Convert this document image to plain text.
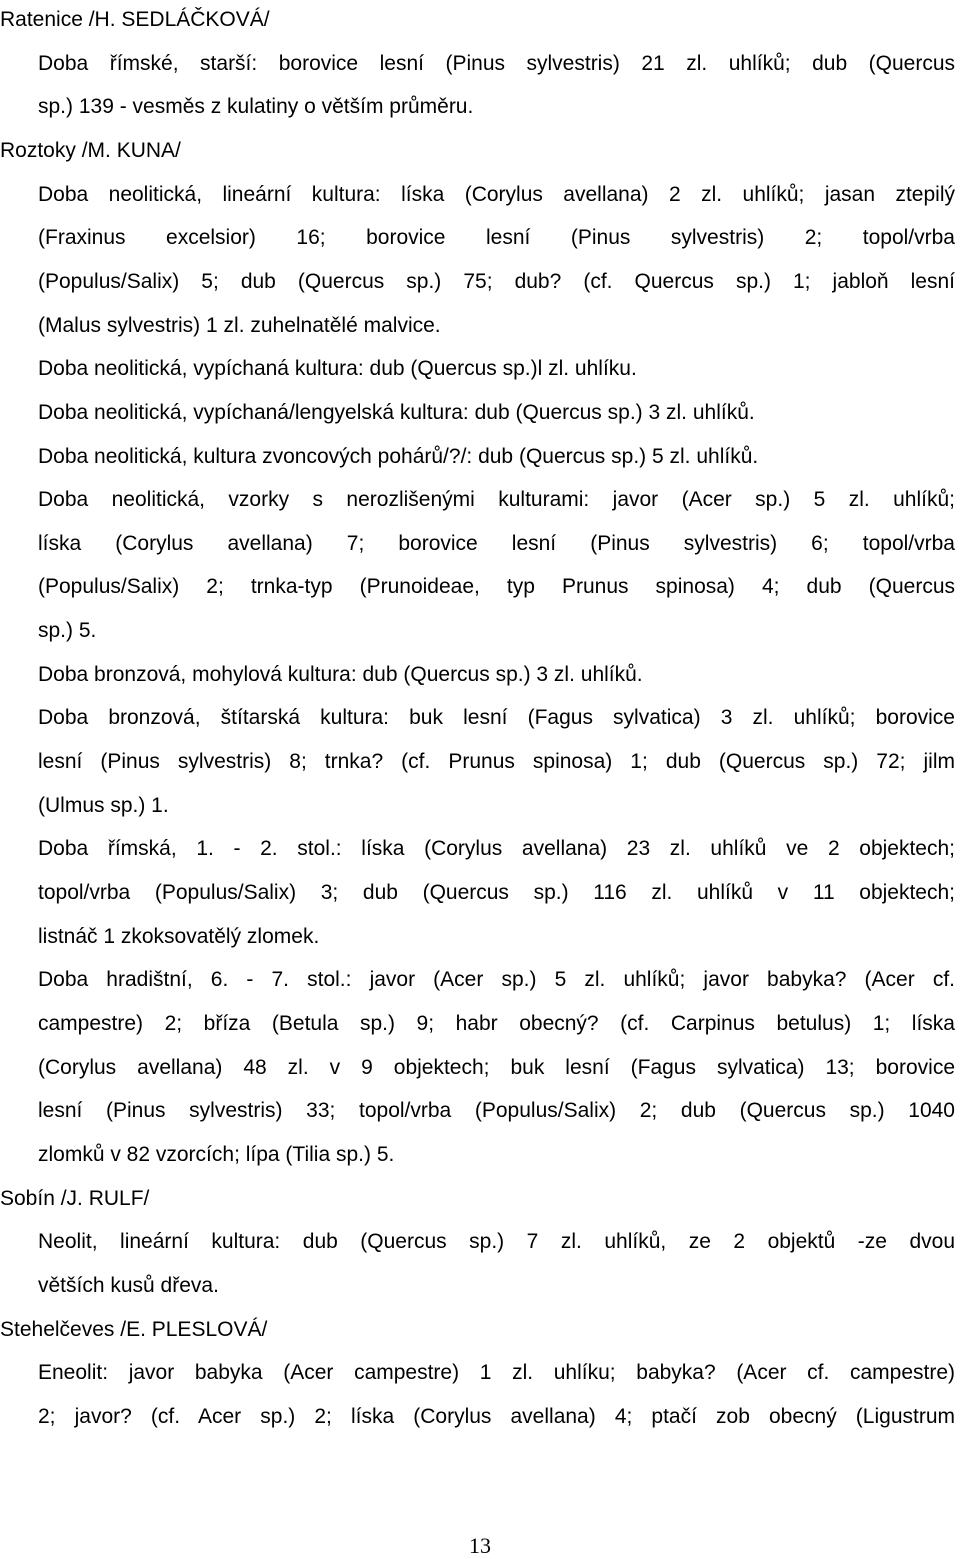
Ratenice /H. SEDLÁČKOVÁ/
Doba římské, starší: borovice lesní (Pinus sylvestris) 21 zl. uhlíků; dub (Quercus
sp.) 139 - vesměs z kulatiny o větším průměru.
Roztoky /M. KUNA/
Doba neolitická, lineární kultura: líska (Corylus avellana) 2 zl. uhlíků; jasan ztepilý
(Fraxinus excelsior) 16; borovice lesní (Pinus sylvestris) 2; topol/vrba
(Populus/Salix) 5; dub (Quercus sp.) 75; dub? (cf. Quercus sp.) 1; jabloň lesní
(Malus sylvestris) 1 zl. zuhelnatělé malvice.
Doba neolitická, vypíchaná kultura: dub (Quercus sp.)l zl. uhlíku.
Doba neolitická, vypíchaná/lengyelská kultura: dub (Quercus sp.) 3 zl. uhlíků.
Doba neolitická, kultura zvoncových pohárů/?/: dub (Quercus sp.) 5 zl. uhlíků.
Doba neolitická, vzorky s nerozlišenými kulturami: javor (Acer sp.) 5 zl. uhlíků;
líska (Corylus avellana) 7; borovice lesní (Pinus sylvestris) 6; topol/vrba
(Populus/Salix) 2; trnka-typ (Prunoideae, typ Prunus spinosa) 4; dub (Quercus
sp.) 5.
Doba bronzová, mohylová kultura: dub (Quercus sp.) 3 zl. uhlíků.
Doba bronzová, štítarská kultura: buk lesní (Fagus sylvatica) 3 zl. uhlíků; borovice
lesní (Pinus sylvestris) 8; trnka? (cf. Prunus spinosa) 1; dub (Quercus sp.) 72; jilm
(Ulmus sp.) 1.
Doba římská, 1. - 2. stol.: líska (Corylus avellana) 23 zl. uhlíků ve 2 objektech;
topol/vrba (Populus/Salix) 3; dub (Quercus sp.) 116 zl. uhlíků v 11 objektech;
listnáč 1 zkoksovatělý zlomek.
Doba hradištní, 6. - 7. stol.: javor (Acer sp.) 5 zl. uhlíků; javor babyka? (Acer cf.
campestre) 2; bříza (Betula sp.) 9; habr obecný? (cf. Carpinus betulus) 1; líska
(Corylus avellana) 48 zl. v 9 objektech; buk lesní (Fagus sylvatica) 13; borovice
lesní (Pinus sylvestris) 33; topol/vrba (Populus/Salix) 2; dub (Quercus sp.) 1040
zlomků v 82 vzorcích; lípa (Tilia sp.) 5.
Sobín /J. RULF/
Neolit, lineární kultura: dub (Quercus sp.) 7 zl. uhlíků, ze 2 objektů -ze dvou
větších kusů dřeva.
Stehelčeves /E. PLESLOVÁ/
Eneolit: javor babyka (Acer campestre) 1 zl. uhlíku; babyka? (Acer cf. campestre)
2; javor? (cf. Acer sp.) 2; líska (Corylus avellana) 4; ptačí zob obecný (Ligustrum
13
